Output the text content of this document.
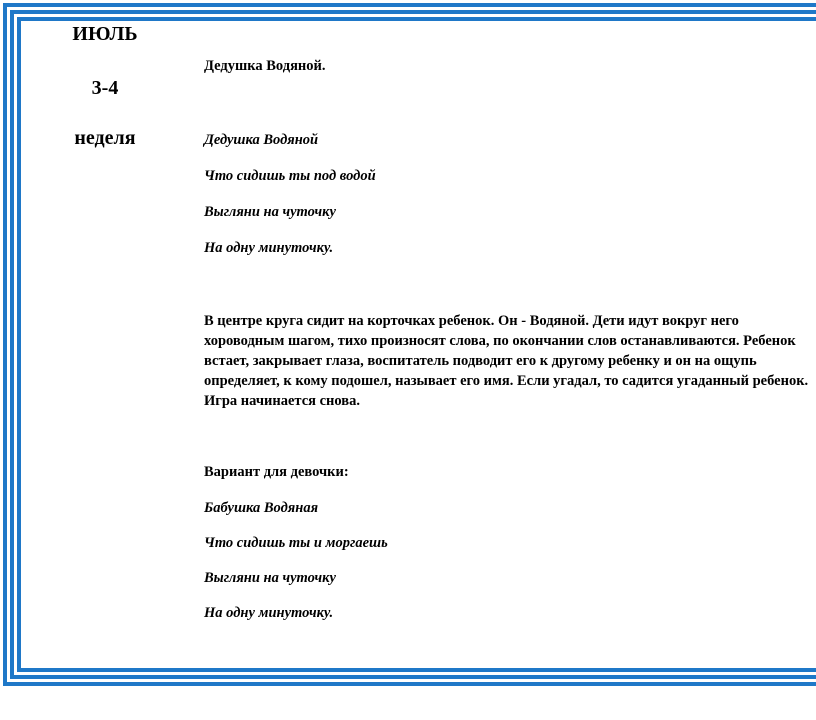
ИЮЛЬ
3-4
неделя

Дедушка Водяной.

Дедушка Водяной

Что сидишь ты под водой

Выгляни на чуточку

На одну минуточку.

В центре круга сидит на корточках ребенок. Он - Водяной. Дети идут вокруг него

хороводным шагом, тихо произносят слова, по окончании слов останавливаются. Ребенок

встает, закрывает глаза, воспитатель подводит его к другому ребенку и он на ощупь

определяет, к кому подошел, называет его имя. Если угадал, то садится угаданный ребенок.

Игра начинается снова.

Вариант для девочки:

Бабушка Водяная

Что сидишь ты и моргаешь

Выгляни на чуточку

На одну минуточку.
